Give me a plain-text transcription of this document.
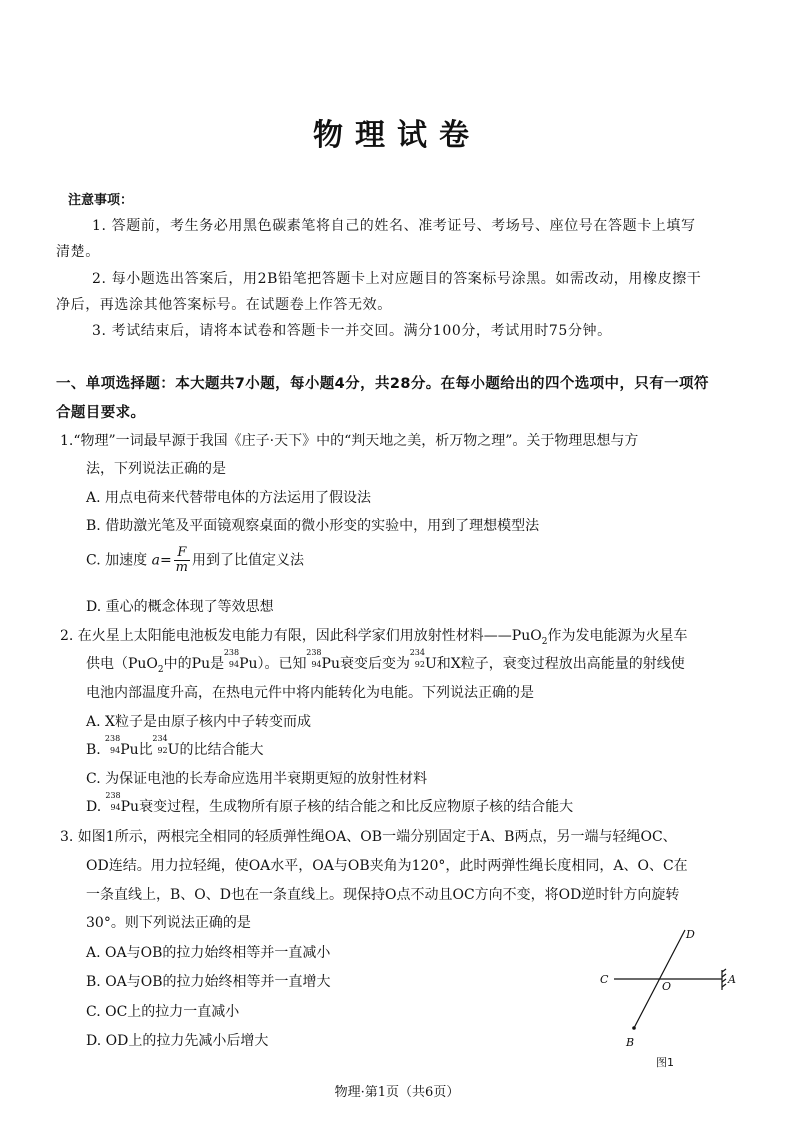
物理试卷
注意事项：
1. 答题前，考生务必用黑色碳素笔将自己的姓名、准考证号、考场号、座位号在答题卡上填写
清楚。
2. 每小题选出答案后，用2B铅笔把答题卡上对应题目的答案标号涂黑。如需改动，用橡皮擦干
净后，再选涂其他答案标号。在试题卷上作答无效。
3. 考试结束后，请将本试卷和答题卡一并交回。满分100分，考试用时75分钟。
一、单项选择题：本大题共7小题，每小题4分，共28分。在每小题给出的四个选项中，只有一项符
合题目要求。
1.“物理”一词最早源于我国《庄子·天下》中的“判天地之美，析万物之理”。关于物理思想与方
法，下列说法正确的是
A. 用点电荷来代替带电体的方法运用了假设法
B. 借助激光笔及平面镜观察桌面的微小形变的实验中，用到了理想模型法
C. 加速度 $a= \frac{F}{m}$ 用到了比值定义法
D. 重心的概念体现了等效思想
2. 在火星上太阳能电池板发电能力有限，因此科学家们用放射性材料——PuO$_2$作为发电能源为火星车
供电（PuO$_2$中的Pu是
238
94 Pu）。已知
238
94 Pu衰变后变为
234
92 U和X粒子，衰变过程放出高能量的射线使
电池内部温度升高，在热电元件中将内能转化为电能。下列说法正确的是
A. X粒子是由原子核内中子转变而成
B.
238
94 Pu比
234
92 U的比结合能大
C. 为保证电池的长寿命应选用半衰期更短的放射性材料
D.
238
94 Pu衰变过程，生成物所有原子核的结合能之和比反应物原子核的结合能大
3. 如图1所示，两根完全相同的轻质弹性绳OA、OB一端分别固定于A、B两点，另一端与轻绳OC、
OD连结。用力拉轻绳，使OA水平，OA与OB夹角为120°，此时两弹性绳长度相同，A、O、C在
一条直线上，B、O、D也在一条直线上。现保持O点不动且OC方向不变，将OD逆时针方向旋转
30°。则下列说法正确的是
A. OA与OB的拉力始终相等并一直减小
B. OA与OB的拉力始终相等并一直增大
C. OC上的拉力一直减小
D. OD上的拉力先减小后增大
D
C
O
A
B
图1
物理·第1页（共6页）
